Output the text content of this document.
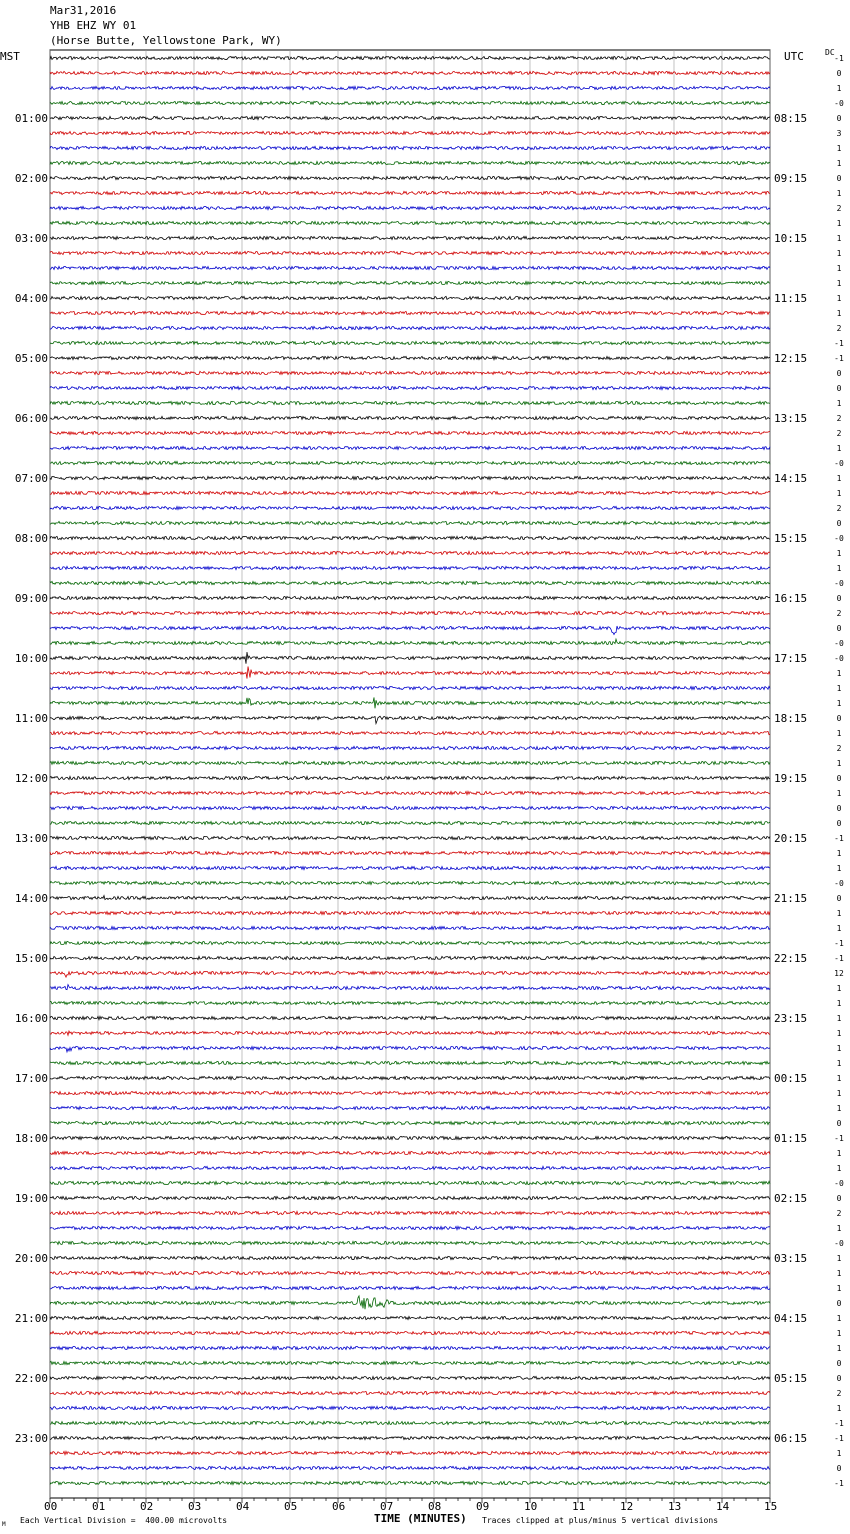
Mar31,2016
YHB EHZ WY 01
(Horse Butte, Yellowstone Park, WY)
MST	UTC	DC
00	01	02	03	04	05	06	07	08	09	10	11	12	13	14	15
-1
0
1
-0
0
3
1
1
0
1
2
1
1
1
1
1
1
1
2
-1
-1
0
0
1
2
2
1
-0
1
1
2
0
-0
1
1
-0
0
2
0
-0
-0
1
1
1
0
1
2
1
0
1
0
0
-1
1
1
-0
0
1
1
-1
-1
12
1
1
1
1
1
1
1
1
1
0
-1
1
1
-0
0
2
1
-0
1
1
1
0
1
1
1
0
0
2
1
-1
-1
1
0
-1
01:00
02:00
03:00
04:00
05:00
06:00
07:00
08:00
09:00
10:00
11:00
12:00
13:00
14:00
15:00
16:00
17:00
18:00
19:00
20:00
21:00
22:00
23:00
08:15
09:15
10:15
11:15
12:15
13:15
14:15
15:15
16:15
17:15
18:15
19:15
20:15
21:15
22:15
23:15
00:15
01:15
02:15
03:15
04:15
05:15
06:15
TIME (MINUTES)
Each Vertical Division =  400.00 microvolts	Traces clipped at plus/minus 5 vertical divisions
M
